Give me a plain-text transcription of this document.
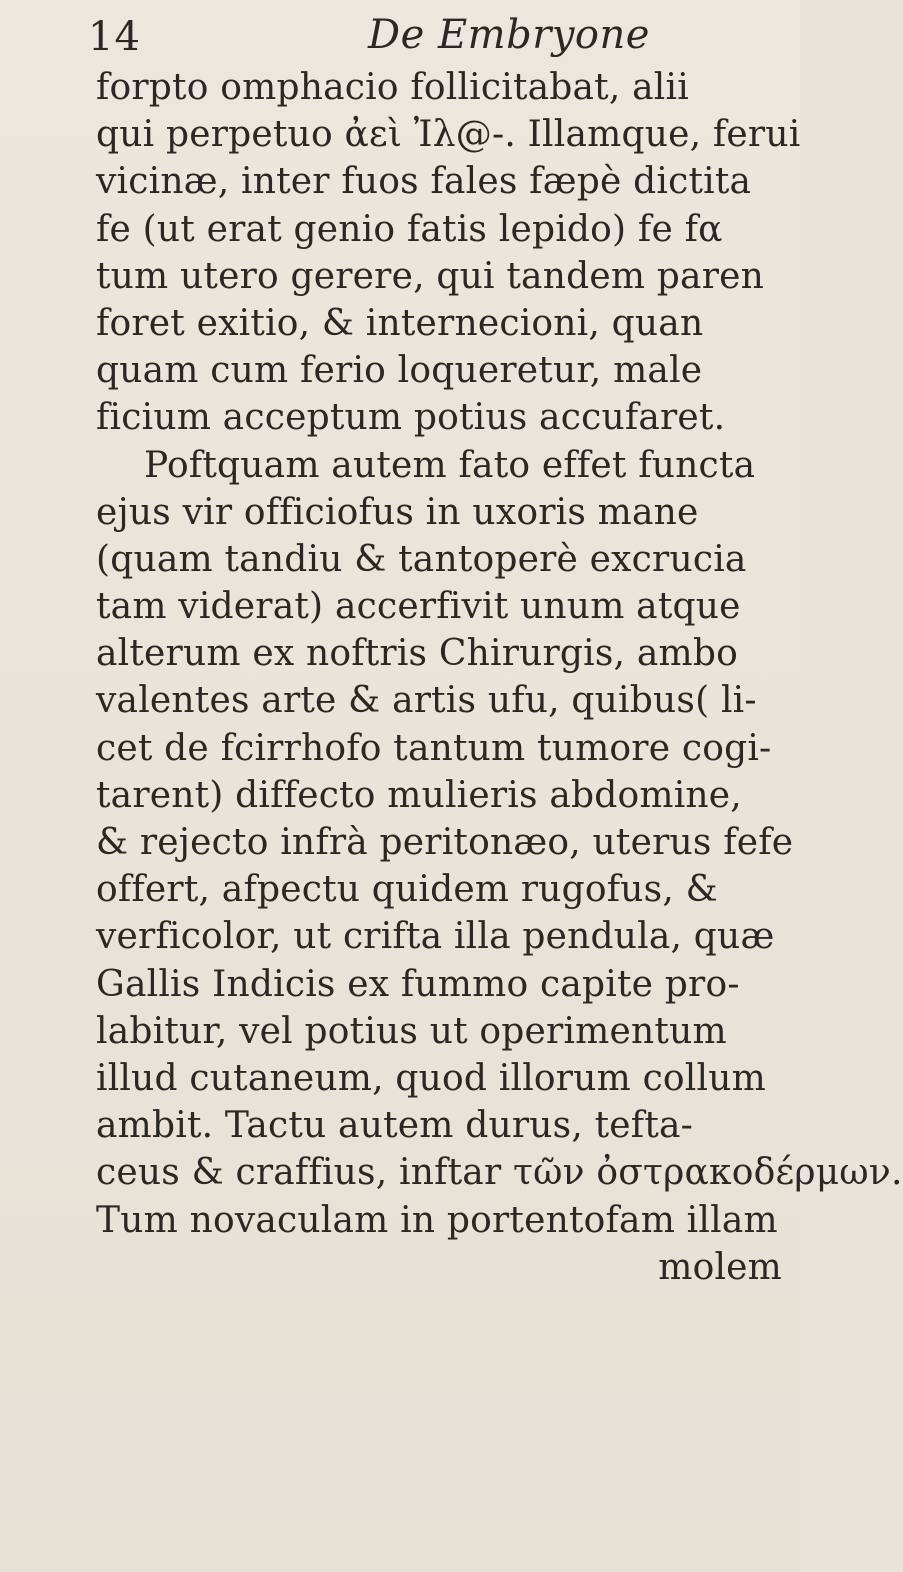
14	De Embryone
forpto omphacio follicitabat, alii
qui perpetuo ἀεὶ Ἰλ@-. Illamque, ferui
vicinæ, inter fuos fales fæpè dictita
fe (ut erat genio fatis lepido) fe fα
tum utero gerere, qui tandem paren
foret exitio, & internecioni, quan
quam cum ferio loqueretur, male
ficium acceptum potius accufaret.
Poftquam autem fato effet functa
ejus vir officiofus in uxoris mane
(quam tandiu & tantoperè excrucia
tam viderat) accerfivit unum atque
alterum ex noftris Chirurgis, ambo
valentes arte & artis ufu, quibus( li-
cet de fcirrhofo tantum tumore cogi-
tarent) diffecto mulieris abdomine,
& rejecto infrà peritonæo, uterus fefe
offert, afpectu quidem rugofus, &
verficolor, ut crifta illa pendula, quæ
Gallis Indicis ex fummo capite pro-
labitur, vel potius ut operimentum
illud cutaneum, quod illorum collum
ambit. Tactu autem durus, tefta-
ceus & craffius, inftar τῶν ὀστρακοδέρμων.
Tum novaculam in portentofam illam
molem
